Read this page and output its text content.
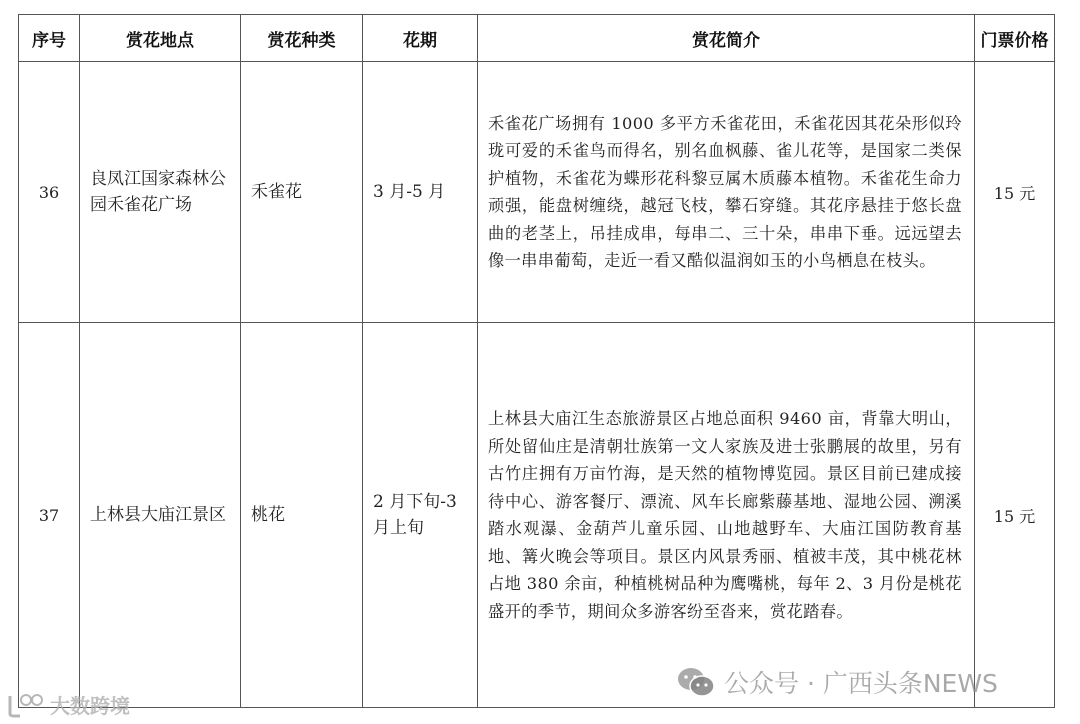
序号	赏花地点	赏花种类	花期	赏花简介	门票价格
36	良凤江国家森林公园禾雀花广场	禾雀花	3 月-5 月	禾雀花广场拥有 1000 多平方禾雀花田，禾雀花因其花朵形似玲珑可爱的禾雀鸟而得名，别名血枫藤、雀儿花等，是国家二类保护植物，禾雀花为蝶形花科黎豆属木质藤本植物。禾雀花生命力顽强，能盘树缠绕，越冠飞枝，攀石穿缝。其花序悬挂于悠长盘曲的老茎上，吊挂成串，每串二、三十朵，串串下垂。远远望去像一串串葡萄，走近一看又酷似温润如玉的小鸟栖息在枝头。	15 元
37	上林县大庙江景区	桃花	2 月下旬-3 月上旬	上林县大庙江生态旅游景区占地总面积 9460 亩，背靠大明山，所处留仙庄是清朝壮族第一文人家族及进士张鹏展的故里，另有古竹庄拥有万亩竹海，是天然的植物博览园。景区目前已建成接待中心、游客餐厅、漂流、风车长廊紫藤基地、湿地公园、溯溪踏水观瀑、金葫芦儿童乐园、山地越野车、大庙江国防教育基地、篝火晚会等项目。景区内风景秀丽、植被丰茂，其中桃花林占地 380 余亩，种植桃树品种为鹰嘴桃，每年 2、3 月份是桃花盛开的季节，期间众多游客纷至沓来，赏花踏春。	15 元
公众号 · 广西头条NEWS
大数跨境
